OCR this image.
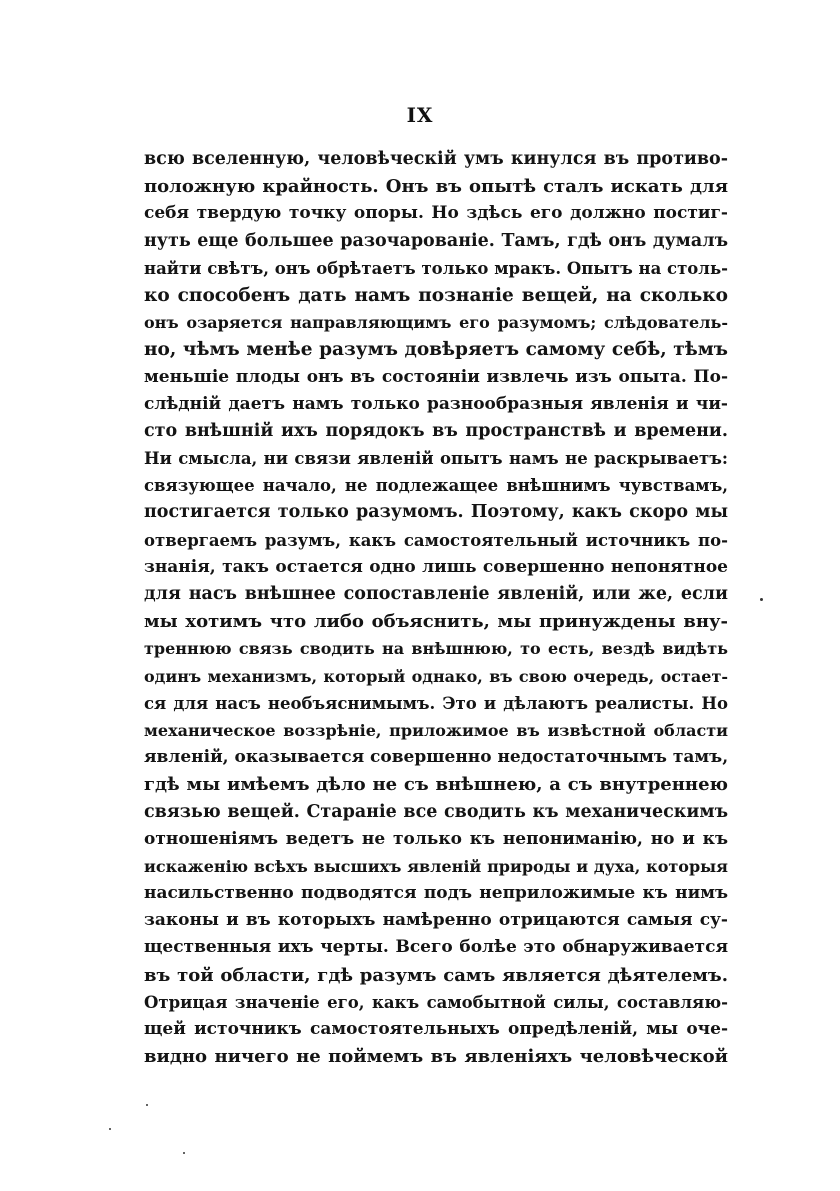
IX
всю вселенную, человѣческій умъ кинулся въ противо-
положную крайность. Онъ въ опытѣ сталъ искать для
себя твердую точку опоры. Но здѣсь его должно постиг-
нуть еще большее разочарованіе. Тамъ, гдѣ онъ думалъ
найти свѣтъ, онъ обрѣтаетъ только мракъ. Опытъ на столь-
ко способенъ дать намъ познаніе вещей, на сколько
онъ озаряется направляющимъ его разумомъ; слѣдователь-
но, чѣмъ менѣе разумъ довѣряетъ самому себѣ, тѣмъ
меньшіе плоды онъ въ состояніи извлечь изъ опыта. По-
слѣдній даетъ намъ только разнообразныя явленія и чи-
сто внѣшній ихъ порядокъ въ пространствѣ и времени.
Ни смысла, ни связи явленій опытъ намъ не раскрываетъ:
связующее начало, не подлежащее внѣшнимъ чувствамъ,
постигается только разумомъ. Поэтому, какъ скоро мы
отвергаемъ разумъ, какъ самостоятельный источникъ по-
знанія, такъ остается одно лишь совершенно непонятное
для насъ внѣшнее сопоставленіе явленій, или же, если
мы хотимъ что либо объяснить, мы принуждены вну-
треннюю связь сводить на внѣшнюю, то есть, вездѣ видѣть
одинъ механизмъ, который однако, въ свою очередь, остает-
ся для насъ необъяснимымъ. Это и дѣлаютъ реалисты. Но
механическое воззрѣніе, приложимое въ извѣстной области
явленій, оказывается совершенно недостаточнымъ тамъ,
гдѣ мы имѣемъ дѣло не съ внѣшнею, а съ внутреннею
связью вещей. Стараніе все сводить къ механическимъ
отношеніямъ ведетъ не только къ непониманію, но и къ
искаженію всѣхъ высшихъ явленій природы и духа, которыя
насильственно подводятся подъ неприложимые къ нимъ
законы и въ которыхъ намѣренно отрицаются самыя су-
щественныя ихъ черты. Всего болѣе это обнаруживается
въ той области, гдѣ разумъ самъ является дѣятелемъ.
Отрицая значеніе его, какъ самобытной силы, составляю-
щей источникъ самостоятельныхъ опредѣленій, мы оче-
видно ничего не поймемъ въ явленіяхъ человѣческой
